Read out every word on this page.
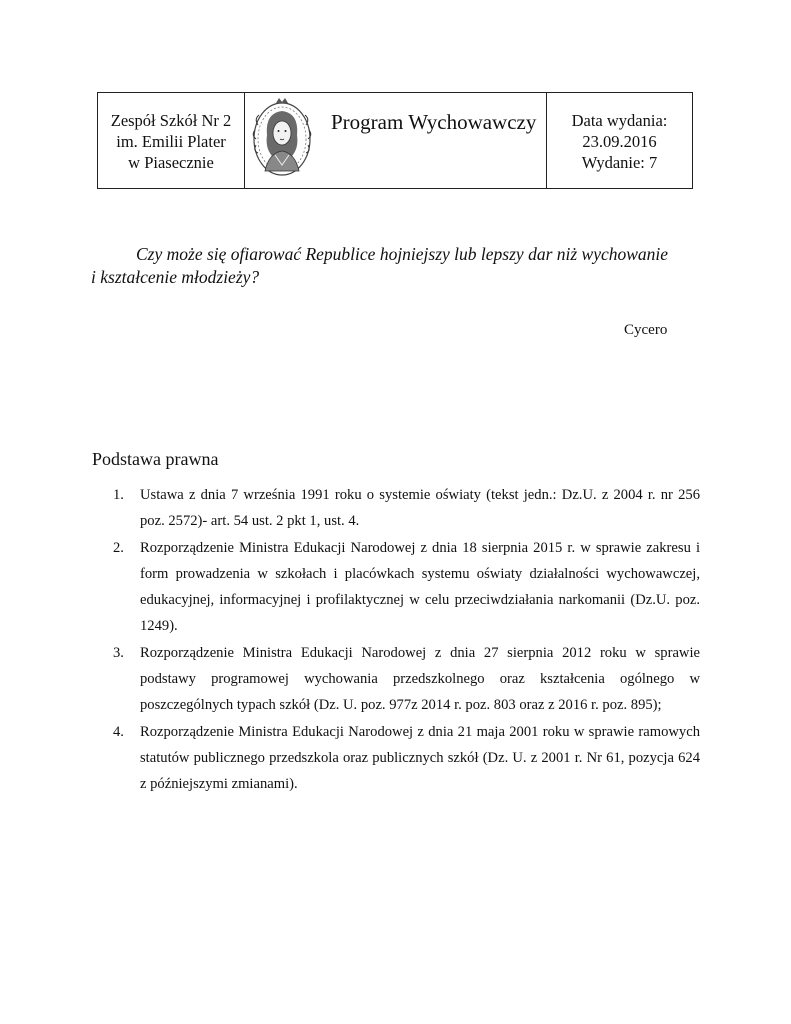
Zespół Szkół Nr 2
im. Emilii Plater
w Piasecznie
Program Wychowawczy	Data wydania:
23.09.2016
Wydanie: 7
Czy może się ofiarować Republice hojniejszy lub lepszy dar niż wychowanie
i kształcenie młodzieży?
Cycero
Podstawa prawna
1. Ustawa z dnia 7 września 1991 roku o systemie oświaty (tekst jedn.: Dz.U. z 2004 r. nr 256 poz. 2572)- art. 54 ust. 2 pkt 1, ust. 4.
2. Rozporządzenie Ministra Edukacji Narodowej z dnia 18 sierpnia 2015 r. w sprawie zakresu i form prowadzenia w szkołach i placówkach systemu oświaty działalności wychowawczej, edukacyjnej, informacyjnej i profilaktycznej w celu przeciwdziałania narkomanii (Dz.U. poz. 1249).
3. Rozporządzenie Ministra Edukacji Narodowej z dnia 27 sierpnia 2012 roku w sprawie podstawy programowej wychowania przedszkolnego oraz kształcenia ogólnego w poszczególnych typach szkół (Dz. U. poz. 977z 2014 r. poz. 803 oraz z 2016 r. poz. 895);
4. Rozporządzenie Ministra Edukacji Narodowej z dnia 21 maja 2001 roku w sprawie ramowych statutów publicznego przedszkola oraz publicznych szkół (Dz. U. z 2001 r. Nr 61, pozycja 624 z późniejszymi zmianami).
